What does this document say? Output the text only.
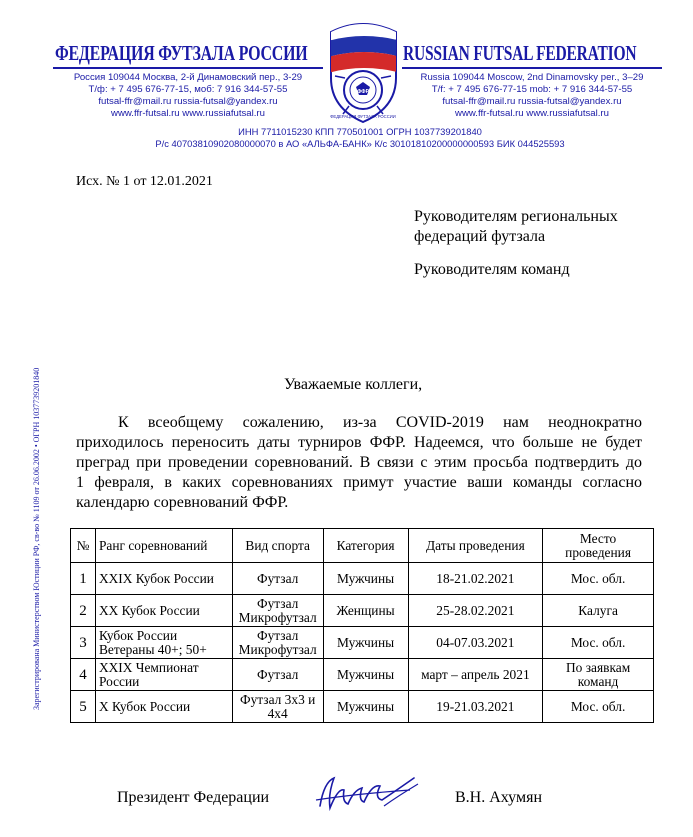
ФЕДЕРАЦИЯ ФУТЗАЛА РОССИИ	RUSSIAN FUTSAL FEDERATION
ФФР
ФЕДЕРАЦИЯ ФУТЗАЛА РОССИИ
Россия 109044 Москва, 2-й Динамовский пер., 3-29
Т/ф: + 7 495 676-77-15, моб: 7 916 344-57-55
futsal-ffr@mail.ru russia-futsal@yandex.ru
www.ffr-futsal.ru www.russiafutsal.ru
Russia 109044 Moscow, 2nd Dinamovsky per., 3–29
T/f: + 7 495 676-77-15 mob: + 7 916 344-57-55
futsal-ffr@mail.ru russia-futsal@yandex.ru
www.ffr-futsal.ru www.russiafutsal.ru
ИНН 7711015230 КПП 770501001 ОГРН 1037739201840
Р/с 40703810902080000070 в АО «АЛЬФА-БАНК» К/с 30101810200000000593 БИК 044525593
Зарегистрирована Министерством Юстиции РФ, св-во № 1109 от 26.06.2002 • ОГРН 1037739201840
Исх. № 1 от 12.01.2021
Руководителям региональных
федераций футзала
Руководителям команд
Уважаемые коллеги,
К всеобщему сожалению, из-за COVID-2019 нам неоднократно
приходилось переносить даты турниров ФФР. Надеемся, что больше не будет
преград при проведении соревнований. В связи с этим просьба подтвердить до
1 февраля, в каких соревнованиях примут участие ваши команды согласно
календарю соревнований ФФР.
№	Ранг соревнований	Вид спорта	Категория	Даты проведения	Место проведения
1	XXIX Кубок России	Футзал	Мужчины	18-21.02.2021	Мос. обл.
2	XX Кубок России	Футзал Микрофутзал	Женщины	25-28.02.2021	Калуга
3	Кубок России Ветераны 40+; 50+	Футзал Микрофутзал	Мужчины	04-07.03.2021	Мос. обл.
4	XXIX Чемпионат России	Футзал	Мужчины	март – апрель 2021	По заявкам команд
5	X Кубок России	Футзал 3х3 и 4х4	Мужчины	19-21.03.2021	Мос. обл.
Президент Федерации	В.Н. Ахумян
